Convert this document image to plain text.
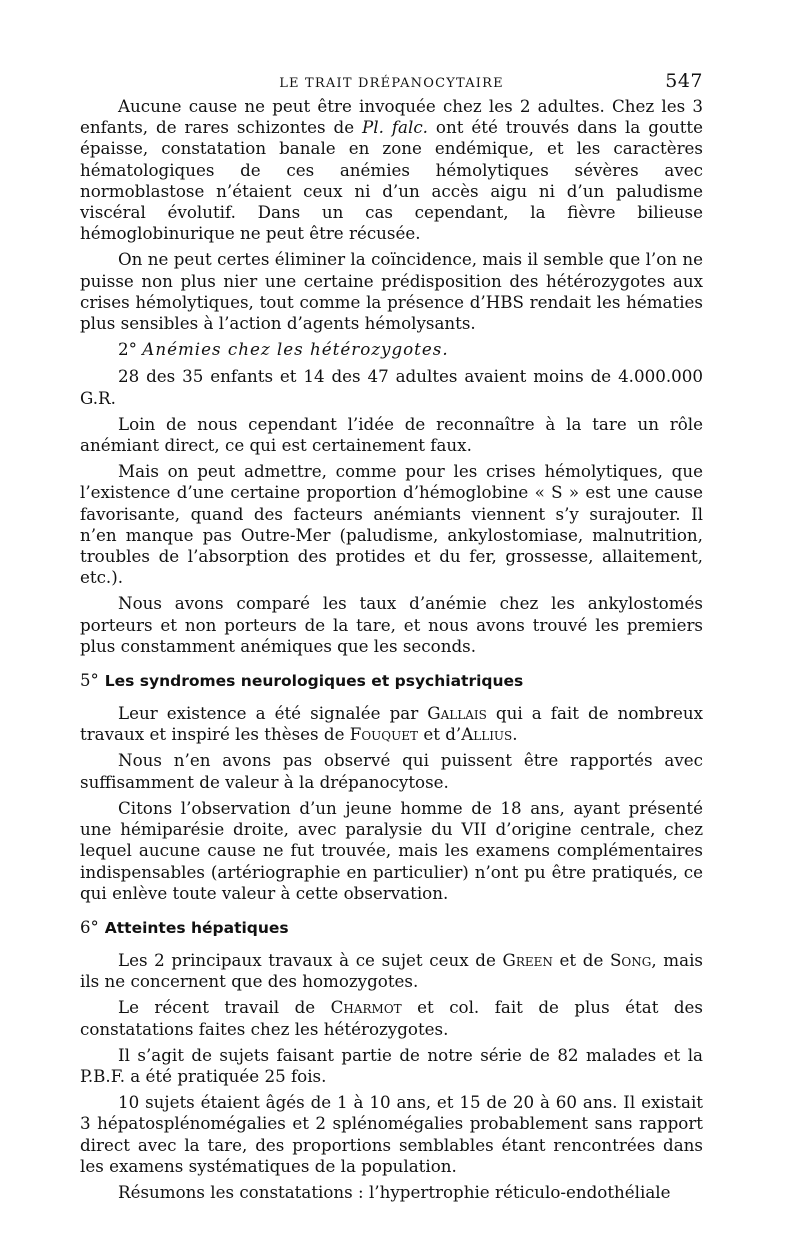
LE TRAIT DRÉPANOCYTAIRE	547

Aucune cause ne peut être invoquée chez les 2 adultes. Chez les 3 enfants, de rares schizontes de Pl. falc. ont été trouvés dans la goutte épaisse, constatation banale en zone endémique, et les caractères hématologiques de ces anémies hémolytiques sévères avec normoblastose n’étaient ceux ni d’un accès aigu ni d’un paludisme viscéral évolutif. Dans un cas cependant, la fièvre bilieuse hémoglobinurique ne peut être récusée.

On ne peut certes éliminer la coïncidence, mais il semble que l’on ne puisse non plus nier une certaine prédisposition des hétérozygotes aux crises hémolytiques, tout comme la présence d’HBS rendait les hématies plus sensibles à l’action d’agents hémolysants.

2° Anémies chez les hétérozygotes.

28 des 35 enfants et 14 des 47 adultes avaient moins de 4.000.000 G.R.

Loin de nous cependant l’idée de reconnaître à la tare un rôle anémiant direct, ce qui est certainement faux.

Mais on peut admettre, comme pour les crises hémolytiques, que l’existence d’une certaine proportion d’hémoglobine « S » est une cause favorisante, quand des facteurs anémiants viennent s’y surajouter. Il n’en manque pas Outre-Mer (paludisme, ankylostomiase, malnutrition, troubles de l’absorption des protides et du fer, grossesse, allaitement, etc.).

Nous avons comparé les taux d’anémie chez les ankylostomés porteurs et non porteurs de la tare, et nous avons trouvé les premiers plus constamment anémiques que les seconds.

5° Les syndromes neurologiques et psychiatriques

Leur existence a été signalée par Gallais qui a fait de nombreux travaux et inspiré les thèses de Fouquet et d’Allius.

Nous n’en avons pas observé qui puissent être rapportés avec suffisamment de valeur à la drépanocytose.

Citons l’observation d’un jeune homme de 18 ans, ayant présenté une hémiparésie droite, avec paralysie du VII d’origine centrale, chez lequel aucune cause ne fut trouvée, mais les examens complémentaires indispensables (artériographie en particulier) n’ont pu être pratiqués, ce qui enlève toute valeur à cette observation.

6° Atteintes hépatiques

Les 2 principaux travaux à ce sujet ceux de Green et de Song, mais ils ne concernent que des homozygotes.

Le récent travail de Charmot et col. fait de plus état des constatations faites chez les hétérozygotes.

Il s’agit de sujets faisant partie de notre série de 82 malades et la P.B.F. a été pratiquée 25 fois.

10 sujets étaient âgés de 1 à 10 ans, et 15 de 20 à 60 ans. Il existait 3 hépatosplénomégalies et 2 splénomégalies probablement sans rapport direct avec la tare, des proportions semblables étant rencontrées dans les examens systématiques de la population.

Résumons les constatations : l’hypertrophie réticulo-endothéliale
